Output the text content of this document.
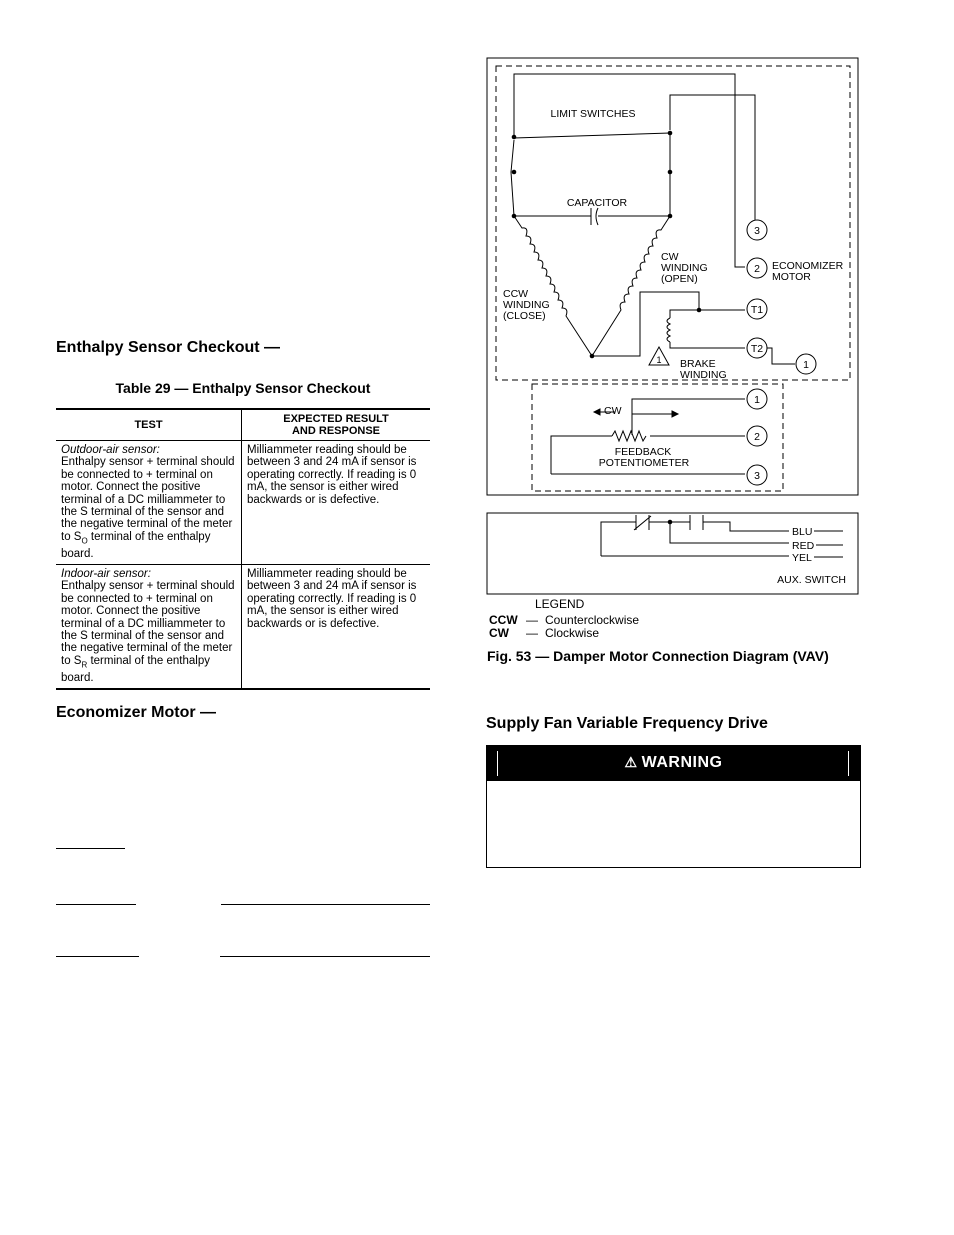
Enthalpy Sensor Checkout —
Table 29 — Enthalpy Sensor Checkout
TEST	EXPECTED RESULT
AND RESPONSE
Outdoor-air sensor:
Enthalpy sensor + terminal should be connected to + terminal on motor. Connect the positive terminal of a DC milliammeter to the S terminal of the sensor and the negative terminal of the meter to $S_O$ terminal of the enthalpy board.	Milliammeter reading should be between 3 and 24 mA if sensor is operating correctly. If reading is 0 mA, the sensor is either wired backwards or is defective.
Indoor-air sensor:
Enthalpy sensor + terminal should be connected to + terminal on motor. Connect the positive terminal of a DC milliammeter to the S terminal of the sensor and the negative terminal of the meter to $S_R$ terminal of the enthalpy board.	Milliammeter reading should be between 3 and 24 mA if sensor is operating correctly. If reading is 0 mA, the sensor is either wired backwards or is defective.
Economizer Motor —
LIMIT SWITCHES
CAPACITOR
CW
WINDING
(OPEN)
CCW
WINDING
(CLOSE)
ECONOMIZER
MOTOR
BRAKE
WINDING
3
2
T1
T2
1
1
CW
FEEDBACK
POTENTIOMETER
1
2
3
BLU
RED
YEL
AUX. SWITCH
LEGEND
CCW — Counterclockwise
CW — Clockwise
Fig. 53 — Damper Motor Connection Diagram (VAV)
Supply Fan Variable Frequency Drive
⚠ WARNING
